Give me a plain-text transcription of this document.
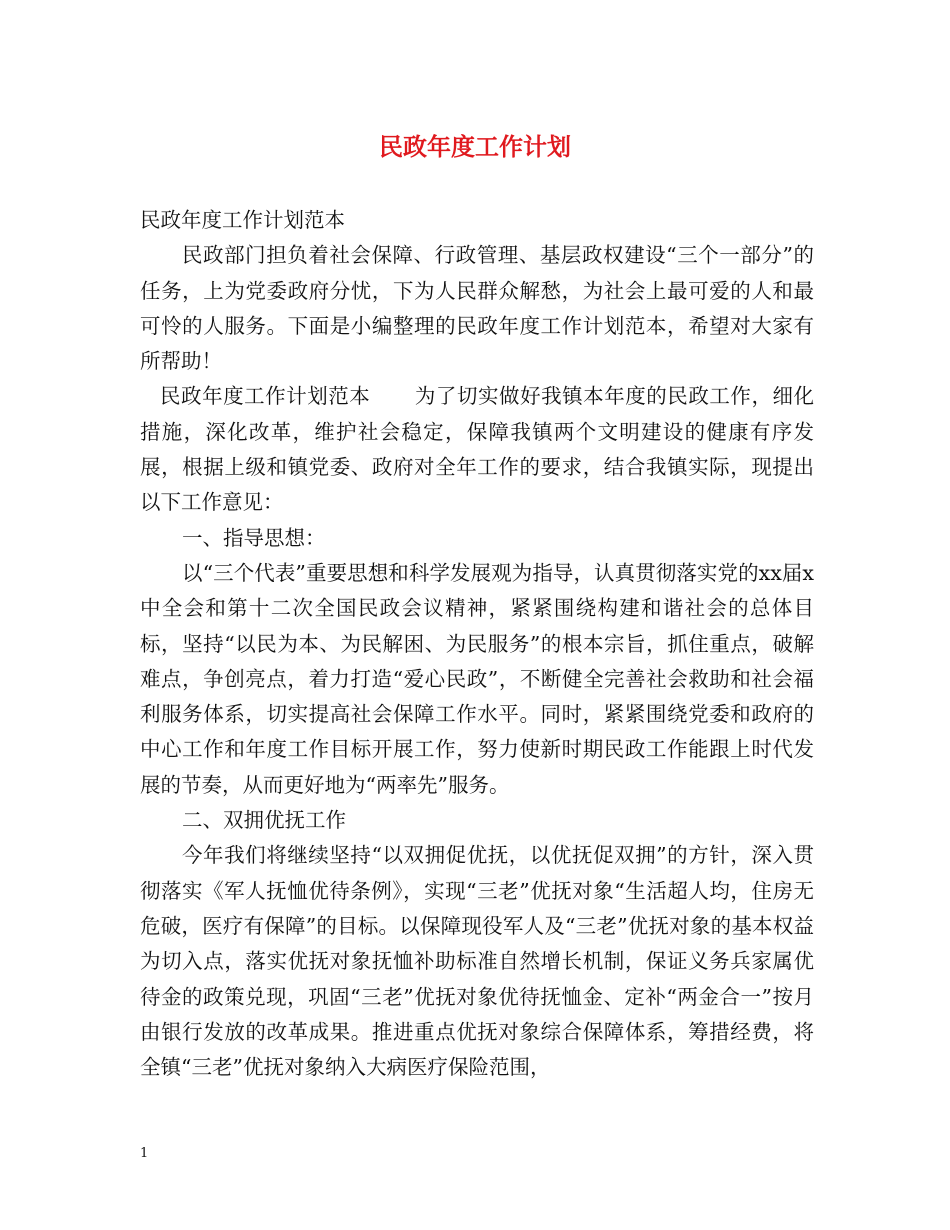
民政年度工作计划

民政年度工作计划范本

民政部门担负着社会保障、行政管理、基层政权建设“三个一部分”的任务，上为党委政府分忧，下为人民群众解愁，为社会上最可爱的人和最可怜的人服务。下面是小编整理的民政年度工作计划范本，希望对大家有所帮助！

民政年度工作计划范本 为了切实做好我镇本年度的民政工作，细化措施，深化改革，维护社会稳定，保障我镇两个文明建设的健康有序发展，根据上级和镇党委、政府对全年工作的要求，结合我镇实际，现提出以下工作意见：

一、指导思想：

以“三个代表”重要思想和科学发展观为指导，认真贯彻落实党的xx届x中全会和第十二次全国民政会议精神，紧紧围绕构建和谐社会的总体目标，坚持“以民为本、为民解困、为民服务”的根本宗旨，抓住重点，破解难点，争创亮点，着力打造“爱心民政”，不断健全完善社会救助和社会福利服务体系，切实提高社会保障工作水平。同时，紧紧围绕党委和政府的中心工作和年度工作目标开展工作，努力使新时期民政工作能跟上时代发展的节奏，从而更好地为“两率先”服务。

二、双拥优抚工作

今年我们将继续坚持“以双拥促优抚，以优抚促双拥”的方针，深入贯彻落实《军人抚恤优待条例》，实现“三老”优抚对象“生活超人均，住房无危破，医疗有保障”的目标。以保障现役军人及“三老”优抚对象的基本权益为切入点，落实优抚对象抚恤补助标准自然增长机制，保证义务兵家属优待金的政策兑现，巩固“三老”优抚对象优待抚恤金、定补“两金合一”按月由银行发放的改革成果。推进重点优抚对象综合保障体系，筹措经费，将全镇“三老”优抚对象纳入大病医疗保险范围，

1
